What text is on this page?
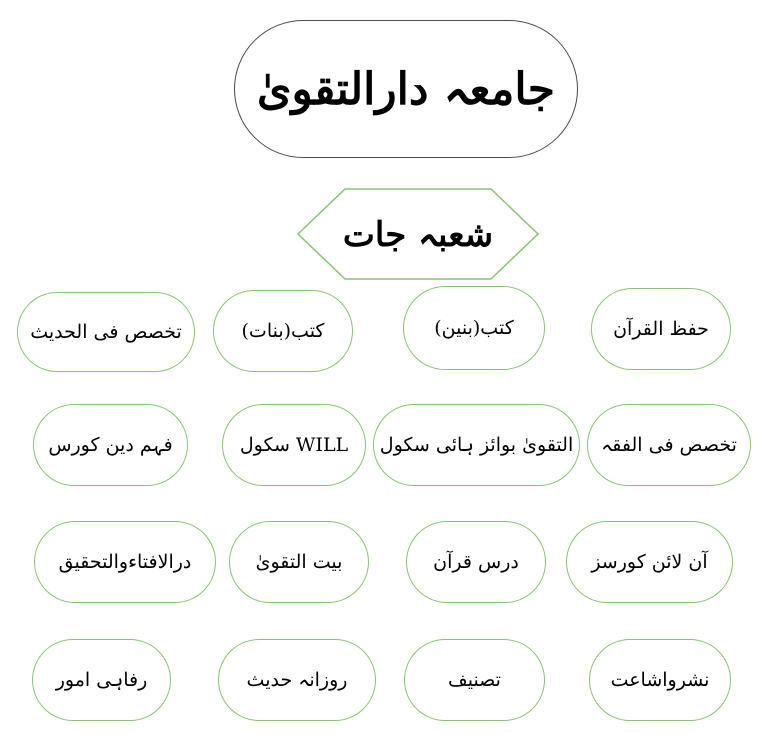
جامعہ دارالتقویٰ
شعبہ جات
حفظ القرآن
کتب(بنین)
کتب(بنات)
تخصص فی الحدیث
تخصص فی الفقہ
التقویٰ بوائز ہائی سکول
WILL سکول
فہم دین کورس
آن لائن کورسز
درس قرآن
بیت التقویٰ
درالافتاءوالتحقیق
نشرواشاعت
تصنیف
روزانہ حدیث
رفاہی امور
